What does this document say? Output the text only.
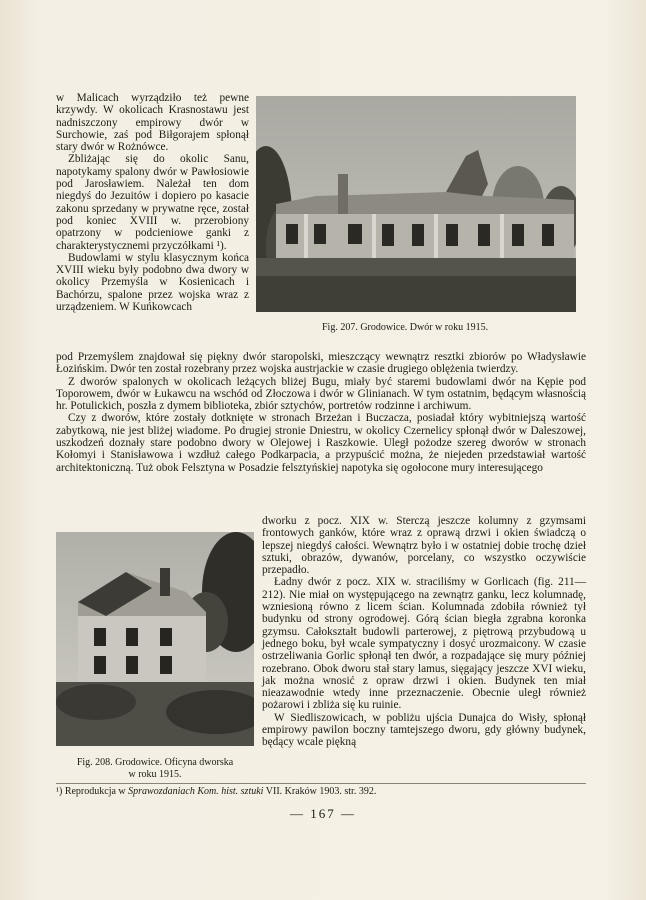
w Malicach wyrządziło też pewne krzywdy. W okolicach Krasnostawu jest nadniszczony empirowy dwór w Surchowie, zaś pod Biłgorajem spłonął stary dwór w Rożnówce.

Zbliżając się do okolic Sanu, napotykamy spalony dwór w Pawłosiowie pod Jarosławiem. Należał ten dom niegdyś do Jezuitów i dopiero po kasacie zakonu sprzedany w prywatne ręce, został pod koniec XVIII w. przerobiony opatrzony w podcieniowe ganki z charakterystycznemi przyczółkami ¹).

Budowlami w stylu klasycznym końca XVIII wieku były podobno dwa dwory w okolicy Przemyśla w Kosienicach i Bachórzu, spalone przez wojska wraz z urządzeniem. W Kuńkowcach

Fig. 207. Grodowice. Dwór w roku 1915.

pod Przemyślem znajdował się piękny dwór staropolski, mieszczący wewnątrz resztki zbiorów po Władysławie Łozińskim. Dwór ten został rozebrany przez wojska austrjackie w czasie drugiego oblężenia twierdzy.

Z dworów spalonych w okolicach leżących bliżej Bugu, miały być staremi budowlami dwór na Kępie pod Toporowem, dwór w Łukawcu na wschód od Złoczowa i dwór w Glinianach. W tym ostatnim, będącym własnością hr. Potulickich, poszła z dymem biblioteka, zbiór sztychów, portretów rodzinne i archiwum.

Czy z dworów, które zostały dotknięte w stronach Brzeżan i Buczacza, posiadał który wybitniejszą wartość zabytkową, nie jest bliżej wiadome. Po drugiej stronie Dniestru, w okolicy Czernelicy spłonął dwór w Daleszowej, uszkodzeń doznały stare podobno dwory w Olejowej i Raszkowie. Uległ pożodze szereg dworów w stronach Kołomyi i Stanisławowa i wzdłuż całego Podkarpacia, a przypuścić można, że niejeden przedstawiał wartość architektoniczną. Tuż obok Felsztyna w Posadzie felsztyńskiej napotyka się ogołocone mury interesującego

dworku z pocz. XIX w. Sterczą jeszcze kolumny z gzymsami frontowych ganków, które wraz z oprawą drzwi i okien świadczą o lepszej niegdyś całości. Wewnątrz było i w ostatniej dobie trochę dzieł sztuki, obrazów, dywanów, porcelany, co wszystko oczywiście przepadło.

Ładny dwór z pocz. XIX w. straciliśmy w Gorlicach (fig. 211—212). Nie miał on występującego na zewnątrz ganku, lecz kolumnadę, wzniesioną równo z licem ścian. Kolumnada zdobiła również tył budynku od strony ogrodowej. Górą ścian biegła zgrabna koronka gzymsu. Całokształt budowli parterowej, z piętrową przybudową u jednego boku, był wcale sympatyczny i dosyć urozmaicony. W czasie ostrzeliwania Gorlic spłonął ten dwór, a rozpadające się mury później rozebrano. Obok dworu stał stary lamus, sięgający jeszcze XVI wieku, jak można wnosić z opraw drzwi i okien. Budynek ten miał nieazawodnie wtedy inne przeznaczenie. Obecnie uległ również pożarowi i zbliża się ku ruinie.

W Siedliszowicach, w pobliżu ujścia Dunajca do Wisły, spłonął empirowy pawilon boczny tamtejszego dworu, gdy główny budynek, będący wcale piękną

Fig. 208. Grodowice. Oficyna dworska
w roku 1915.
¹) Reprodukcja w Sprawozdaniach Kom. hist. sztuki VII. Kraków 1903. str. 392.
— 167 —
